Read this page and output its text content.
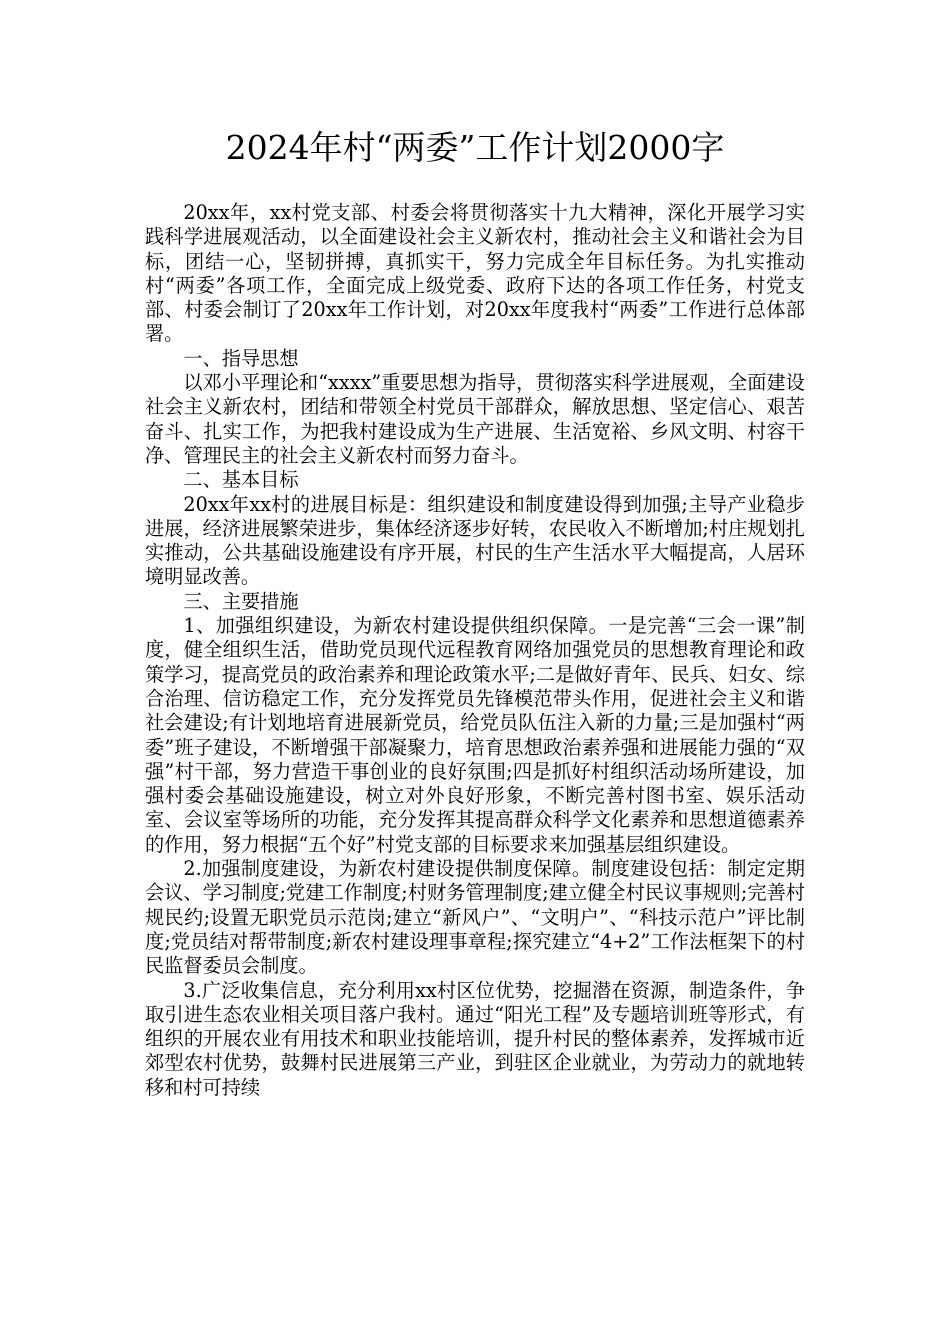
2024年村“两委”工作计划2000字

20xx年，xx村党支部、村委会将贯彻落实十九大精神，深化开展学习实践科学进展观活动，以全面建设社会主义新农村，推动社会主义和谐社会为目标，团结一心，坚韧拼搏，真抓实干，努力完成全年目标任务。为扎实推动村“两委”各项工作，全面完成上级党委、政府下达的各项工作任务，村党支部、村委会制订了20xx年工作计划，对20xx年度我村“两委”工作进行总体部署。

一、指导思想

以邓小平理论和“xxxx”重要思想为指导，贯彻落实科学进展观，全面建设社会主义新农村，团结和带领全村党员干部群众，解放思想、坚定信心、艰苦奋斗、扎实工作，为把我村建设成为生产进展、生活宽裕、乡风文明、村容干净、管理民主的社会主义新农村而努力奋斗。

二、基本目标

20xx年xx村的进展目标是：组织建设和制度建设得到加强;主导产业稳步进展，经济进展繁荣进步，集体经济逐步好转，农民收入不断增加;村庄规划扎实推动，公共基础设施建设有序开展，村民的生产生活水平大幅提高，人居环境明显改善。

三、主要措施

1、加强组织建设，为新农村建设提供组织保障。一是完善“三会一课”制度，健全组织生活，借助党员现代远程教育网络加强党员的思想教育理论和政策学习，提高党员的政治素养和理论政策水平;二是做好青年、民兵、妇女、综合治理、信访稳定工作，充分发挥党员先锋模范带头作用，促进社会主义和谐社会建设;有计划地培育进展新党员，给党员队伍注入新的力量;三是加强村“两委”班子建设，不断增强干部凝聚力，培育思想政治素养强和进展能力强的“双强”村干部，努力营造干事创业的良好氛围;四是抓好村组织活动场所建设，加强村委会基础设施建设，树立对外良好形象，不断完善村图书室、娱乐活动室、会议室等场所的功能，充分发挥其提高群众科学文化素养和思想道德素养的作用，努力根据“五个好”村党支部的目标要求来加强基层组织建设。

2.加强制度建设，为新农村建设提供制度保障。制度建设包括：制定定期会议、学习制度;党建工作制度;村财务管理制度;建立健全村民议事规则;完善村规民约;设置无职党员示范岗;建立“新风户”、“文明户”、“科技示范户”评比制度;党员结对帮带制度;新农村建设理事章程;探究建立“4+2”工作法框架下的村民监督委员会制度。

3.广泛收集信息，充分利用xx村区位优势，挖掘潜在资源，制造条件，争取引进生态农业相关项目落户我村。通过“阳光工程”及专题培训班等形式，有组织的开展农业有用技术和职业技能培训，提升村民的整体素养，发挥城市近郊型农村优势，鼓舞村民进展第三产业，到驻区企业就业，为劳动力的就地转移和村可持续
